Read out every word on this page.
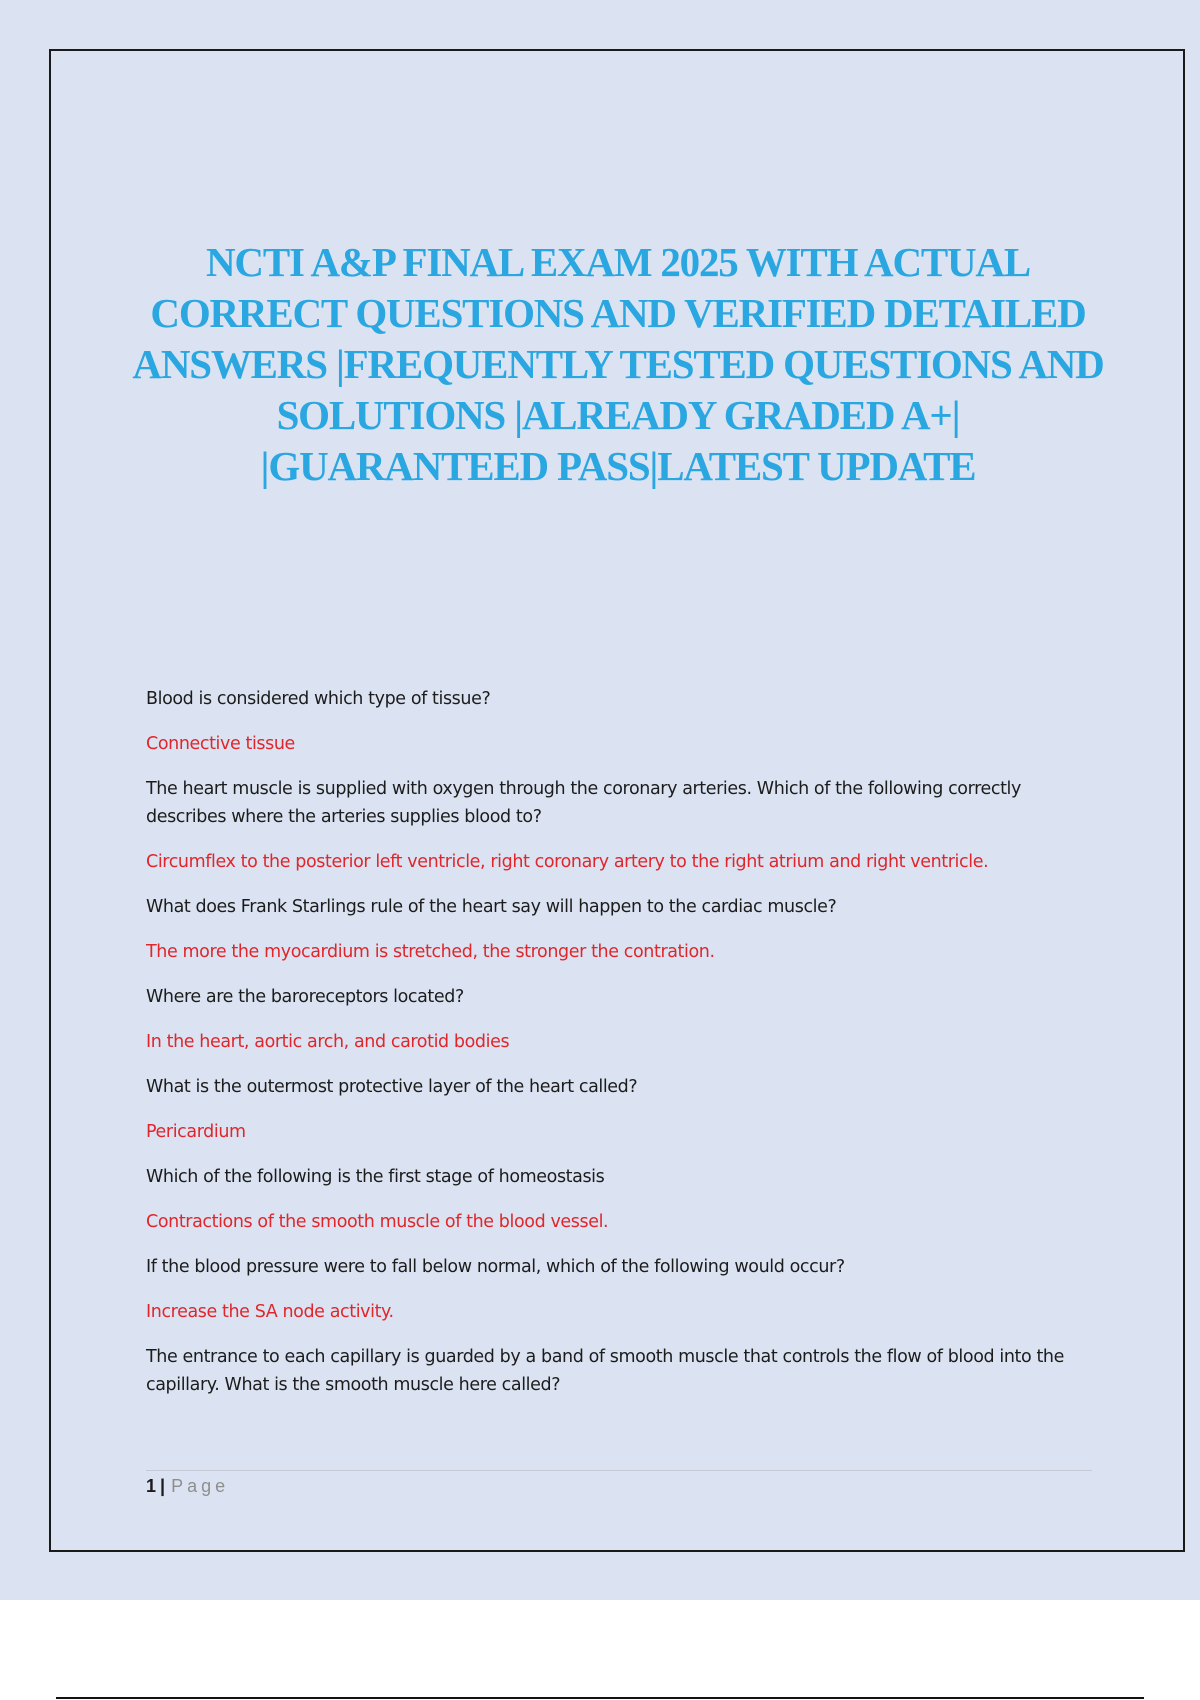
NCTI A&P FINAL EXAM 2025 WITH ACTUAL CORRECT QUESTIONS AND VERIFIED DETAILED ANSWERS |FREQUENTLY TESTED QUESTIONS AND SOLUTIONS |ALREADY GRADED A+| |GUARANTEED PASS|LATEST UPDATE

Blood is considered which type of tissue?

Connective tissue

The heart muscle is supplied with oxygen through the coronary arteries. Which of the following correctly describes where the arteries supplies blood to?

Circumflex to the posterior left ventricle, right coronary artery to the right atrium and right ventricle.

What does Frank Starlings rule of the heart say will happen to the cardiac muscle?

The more the myocardium is stretched, the stronger the contration.

Where are the baroreceptors located?

In the heart, aortic arch, and carotid bodies

What is the outermost protective layer of the heart called?

Pericardium

Which of the following is the first stage of homeostasis

Contractions of the smooth muscle of the blood vessel.

If the blood pressure were to fall below normal, which of the following would occur?

Increase the SA node activity.

The entrance to each capillary is guarded by a band of smooth muscle that controls the flow of blood into the capillary. What is the smooth muscle here called?

1 | Page
